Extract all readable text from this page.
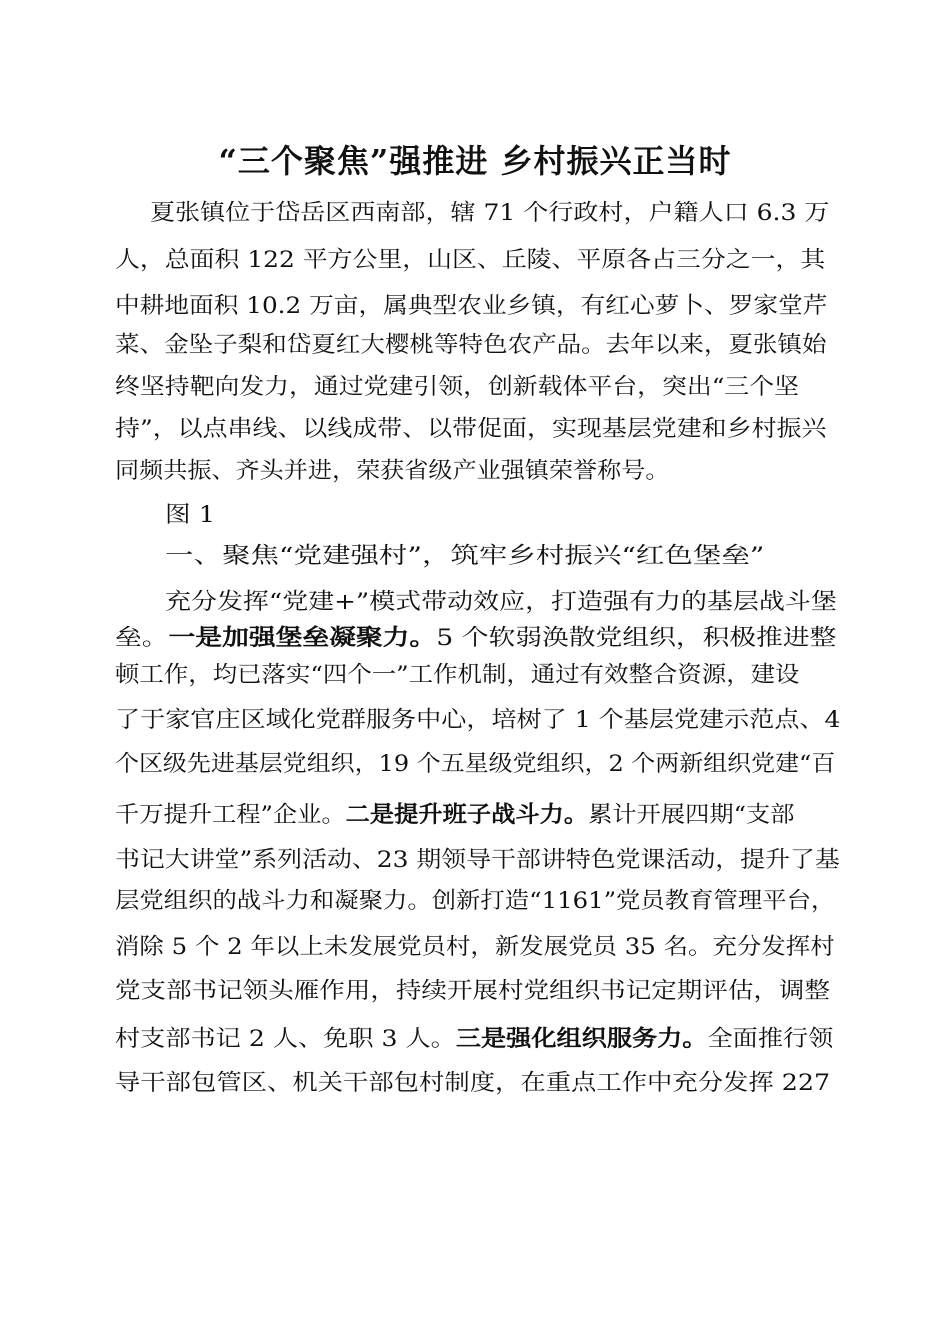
“三个聚焦”强推进 乡村振兴正当时
夏张镇位于岱岳区西南部，辖 71 个行政村，户籍人口 6.3 万
人，总面积 122 平方公里，山区、丘陵、平原各占三分之一，其
中耕地面积 10.2 万亩，属典型农业乡镇，有红心萝卜、罗家堂芹
菜、金坠子梨和岱夏红大樱桃等特色农产品。去年以来，夏张镇始
终坚持靶向发力，通过党建引领，创新载体平台，突出“三个坚
持”，以点串线、以线成带、以带促面，实现基层党建和乡村振兴
同频共振、齐头并进，荣获省级产业强镇荣誉称号。
图 1
一、聚焦“党建强村”，筑牢乡村振兴“红色堡垒”
充分发挥“党建+”模式带动效应，打造强有力的基层战斗堡
垒。一是加强堡垒凝聚力。5 个软弱涣散党组织，积极推进整
顿工作，均已落实“四个一”工作机制，通过有效整合资源，建设
了于家官庄区域化党群服务中心，培树了 1 个基层党建示范点、4
个区级先进基层党组织，19 个五星级党组织，2 个两新组织党建“百
千万提升工程”企业。二是提升班子战斗力。累计开展四期“支部
书记大讲堂”系列活动、23 期领导干部讲特色党课活动，提升了基
层党组织的战斗力和凝聚力。创新打造“1161”党员教育管理平台，
消除 5 个 2 年以上未发展党员村，新发展党员 35 名。充分发挥村
党支部书记领头雁作用，持续开展村党组织书记定期评估，调整
村支部书记 2 人、免职 3 人。三是强化组织服务力。全面推行领
导干部包管区、机关干部包村制度，在重点工作中充分发挥 227
